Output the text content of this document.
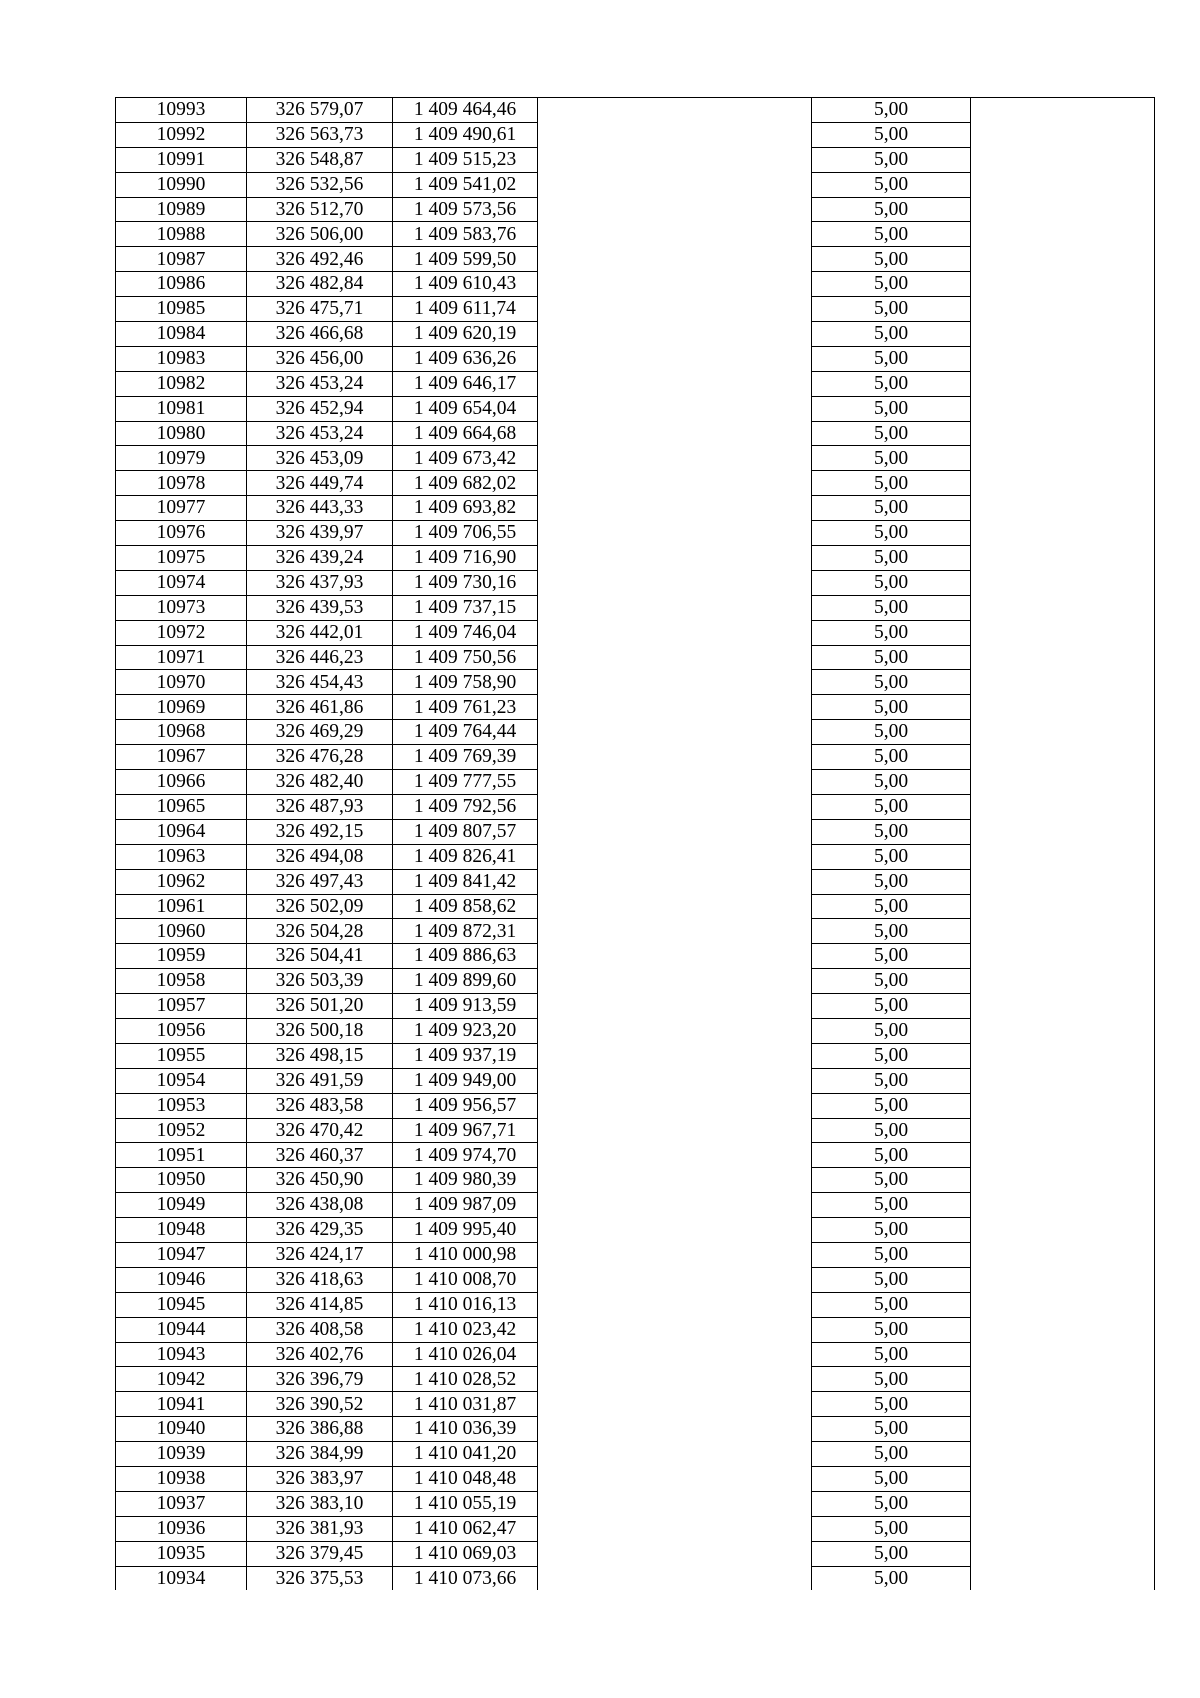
10993	326 579,07	1 409 464,46		5,00	
10992	326 563,73	1 409 490,61		5,00	
10991	326 548,87	1 409 515,23		5,00	
10990	326 532,56	1 409 541,02		5,00	
10989	326 512,70	1 409 573,56		5,00	
10988	326 506,00	1 409 583,76		5,00	
10987	326 492,46	1 409 599,50		5,00	
10986	326 482,84	1 409 610,43		5,00	
10985	326 475,71	1 409 611,74		5,00	
10984	326 466,68	1 409 620,19		5,00	
10983	326 456,00	1 409 636,26		5,00	
10982	326 453,24	1 409 646,17		5,00	
10981	326 452,94	1 409 654,04		5,00	
10980	326 453,24	1 409 664,68		5,00	
10979	326 453,09	1 409 673,42		5,00	
10978	326 449,74	1 409 682,02		5,00	
10977	326 443,33	1 409 693,82		5,00	
10976	326 439,97	1 409 706,55		5,00	
10975	326 439,24	1 409 716,90		5,00	
10974	326 437,93	1 409 730,16		5,00	
10973	326 439,53	1 409 737,15		5,00	
10972	326 442,01	1 409 746,04		5,00	
10971	326 446,23	1 409 750,56		5,00	
10970	326 454,43	1 409 758,90		5,00	
10969	326 461,86	1 409 761,23		5,00	
10968	326 469,29	1 409 764,44		5,00	
10967	326 476,28	1 409 769,39		5,00	
10966	326 482,40	1 409 777,55		5,00	
10965	326 487,93	1 409 792,56		5,00	
10964	326 492,15	1 409 807,57		5,00	
10963	326 494,08	1 409 826,41		5,00	
10962	326 497,43	1 409 841,42		5,00	
10961	326 502,09	1 409 858,62		5,00	
10960	326 504,28	1 409 872,31		5,00	
10959	326 504,41	1 409 886,63		5,00	
10958	326 503,39	1 409 899,60		5,00	
10957	326 501,20	1 409 913,59		5,00	
10956	326 500,18	1 409 923,20		5,00	
10955	326 498,15	1 409 937,19		5,00	
10954	326 491,59	1 409 949,00		5,00	
10953	326 483,58	1 409 956,57		5,00	
10952	326 470,42	1 409 967,71		5,00	
10951	326 460,37	1 409 974,70		5,00	
10950	326 450,90	1 409 980,39		5,00	
10949	326 438,08	1 409 987,09		5,00	
10948	326 429,35	1 409 995,40		5,00	
10947	326 424,17	1 410 000,98		5,00	
10946	326 418,63	1 410 008,70		5,00	
10945	326 414,85	1 410 016,13		5,00	
10944	326 408,58	1 410 023,42		5,00	
10943	326 402,76	1 410 026,04		5,00	
10942	326 396,79	1 410 028,52		5,00	
10941	326 390,52	1 410 031,87		5,00	
10940	326 386,88	1 410 036,39		5,00	
10939	326 384,99	1 410 041,20		5,00	
10938	326 383,97	1 410 048,48		5,00	
10937	326 383,10	1 410 055,19		5,00	
10936	326 381,93	1 410 062,47		5,00	
10935	326 379,45	1 410 069,03		5,00	
10934	326 375,53	1 410 073,66		5,00	
